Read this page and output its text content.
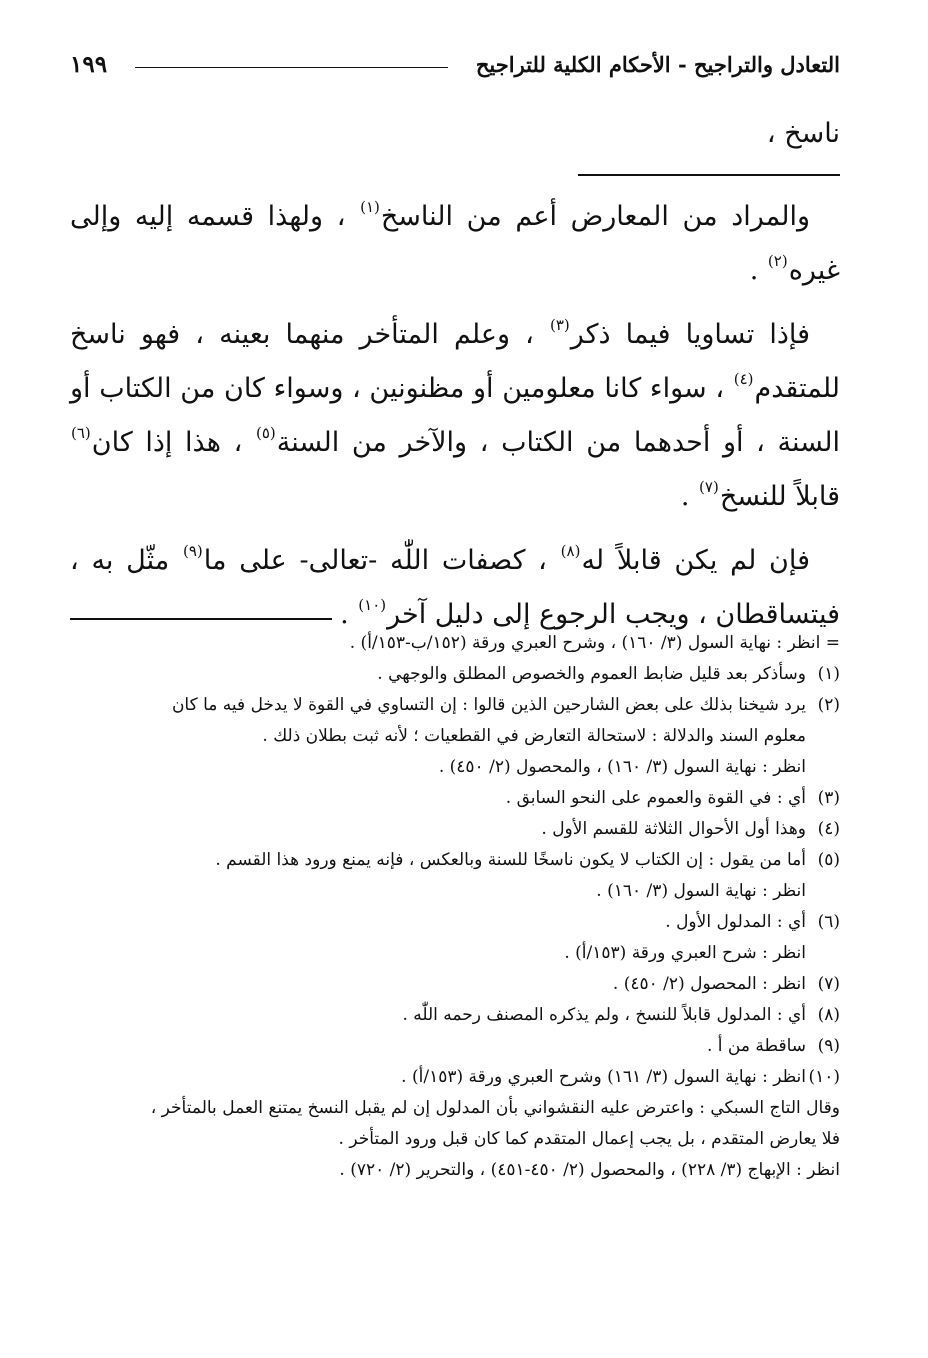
التعادل والتراجيح - الأحكام الكلية للتراجيح
١٩٩
ناسخ ،

والمراد من المعارض أعم من الناسخ$^{(١)}$ ، ولهذا قسمه إليه وإلى غيره$^{(٢)}$ .

فإذا تساويا فيما ذكر$^{(٣)}$ ، وعلم المتأخر منهما بعينه ، فهو ناسخ للمتقدم$^{(٤)}$ ، سواء كانا معلومين أو مظنونين ، وسواء كان من الكتاب أو السنة ، أو أحدهما من الكتاب ، والآخر من السنة$^{(٥)}$ ، هذا إذا كان$^{(٦)}$ قابلاً للنسخ$^{(٧)}$ .

فإن لم يكن قابلاً له$^{(٨)}$ ، كصفات اللّٰه -تعالى- على ما$^{(٩)}$ مثّل به ، فيتساقطان ، ويجب الرجوع إلى دليل آخر$^{(١٠)}$ .

= انظر : نهاية السول (٣/ ١٦٠) ، وشرح العبري ورقة (١٥٢/ب-١٥٣/أ) .
(١)
وسأذكر بعد قليل ضابط العموم والخصوص المطلق والوجهي .
(٢)
يرد شيخنا بذلك على بعض الشارحين الذين قالوا : إن التساوي في القوة لا يدخل فيه ما كان
معلوم السند والدلالة : لاستحالة التعارض في القطعيات ؛ لأنه ثبت بطلان ذلك .
انظر : نهاية السول (٣/ ١٦٠) ، والمحصول (٢/ ٤٥٠) .
(٣)
أي : في القوة والعموم على النحو السابق .
(٤)
وهذا أول الأحوال الثلاثة للقسم الأول .
(٥)
أما من يقول : إن الكتاب لا يكون ناسخًا للسنة وبالعكس ، فإنه يمنع ورود هذا القسم .
انظر : نهاية السول (٣/ ١٦٠) .
(٦)
أي : المدلول الأول .
انظر : شرح العبري ورقة (١٥٣/أ) .
(٧)
انظر : المحصول (٢/ ٤٥٠) .
(٨)
أي : المدلول قابلاً للنسخ ، ولم يذكره المصنف رحمه اللّٰه .
(٩)
ساقطة من أ .
(١٠)
انظر : نهاية السول (٣/ ١٦١) وشرح العبري ورقة (١٥٣/أ) .
وقال التاج السبكي : واعترض عليه النقشواني بأن المدلول إن لم يقبل النسخ يمتنع العمل بالمتأخر ،
فلا يعارض المتقدم ، بل يجب إعمال المتقدم كما كان قبل ورود المتأخر .
انظر : الإبهاج (٣/ ٢٢٨) ، والمحصول (٢/ ٤٥٠-٤٥١) ، والتحرير (٢/ ٧٢٠) .
